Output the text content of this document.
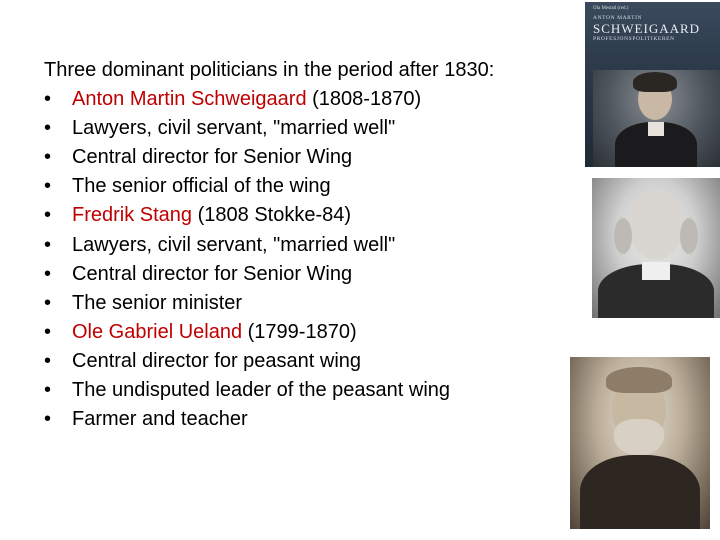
Three dominant politicians in the period after 1830:
•	Anton Martin Schweigaard (1808-1870)
•	Lawyers, civil servant, "married well"
•	Central director for Senior Wing
•	The senior official of the wing
•	Fredrik Stang (1808 Stokke-84)
•	Lawyers, civil servant, "married well"
•	Central director for Senior Wing
•	The senior minister
•	Ole Gabriel Ueland (1799-1870)
•	Central director for peasant wing
•	The undisputed leader of the peasant wing
•	Farmer and teacher
Ola Mestad (red.)
ANTON MARTIN
SCHWEIGAARD
PROFESJONSPOLITIKEREN
